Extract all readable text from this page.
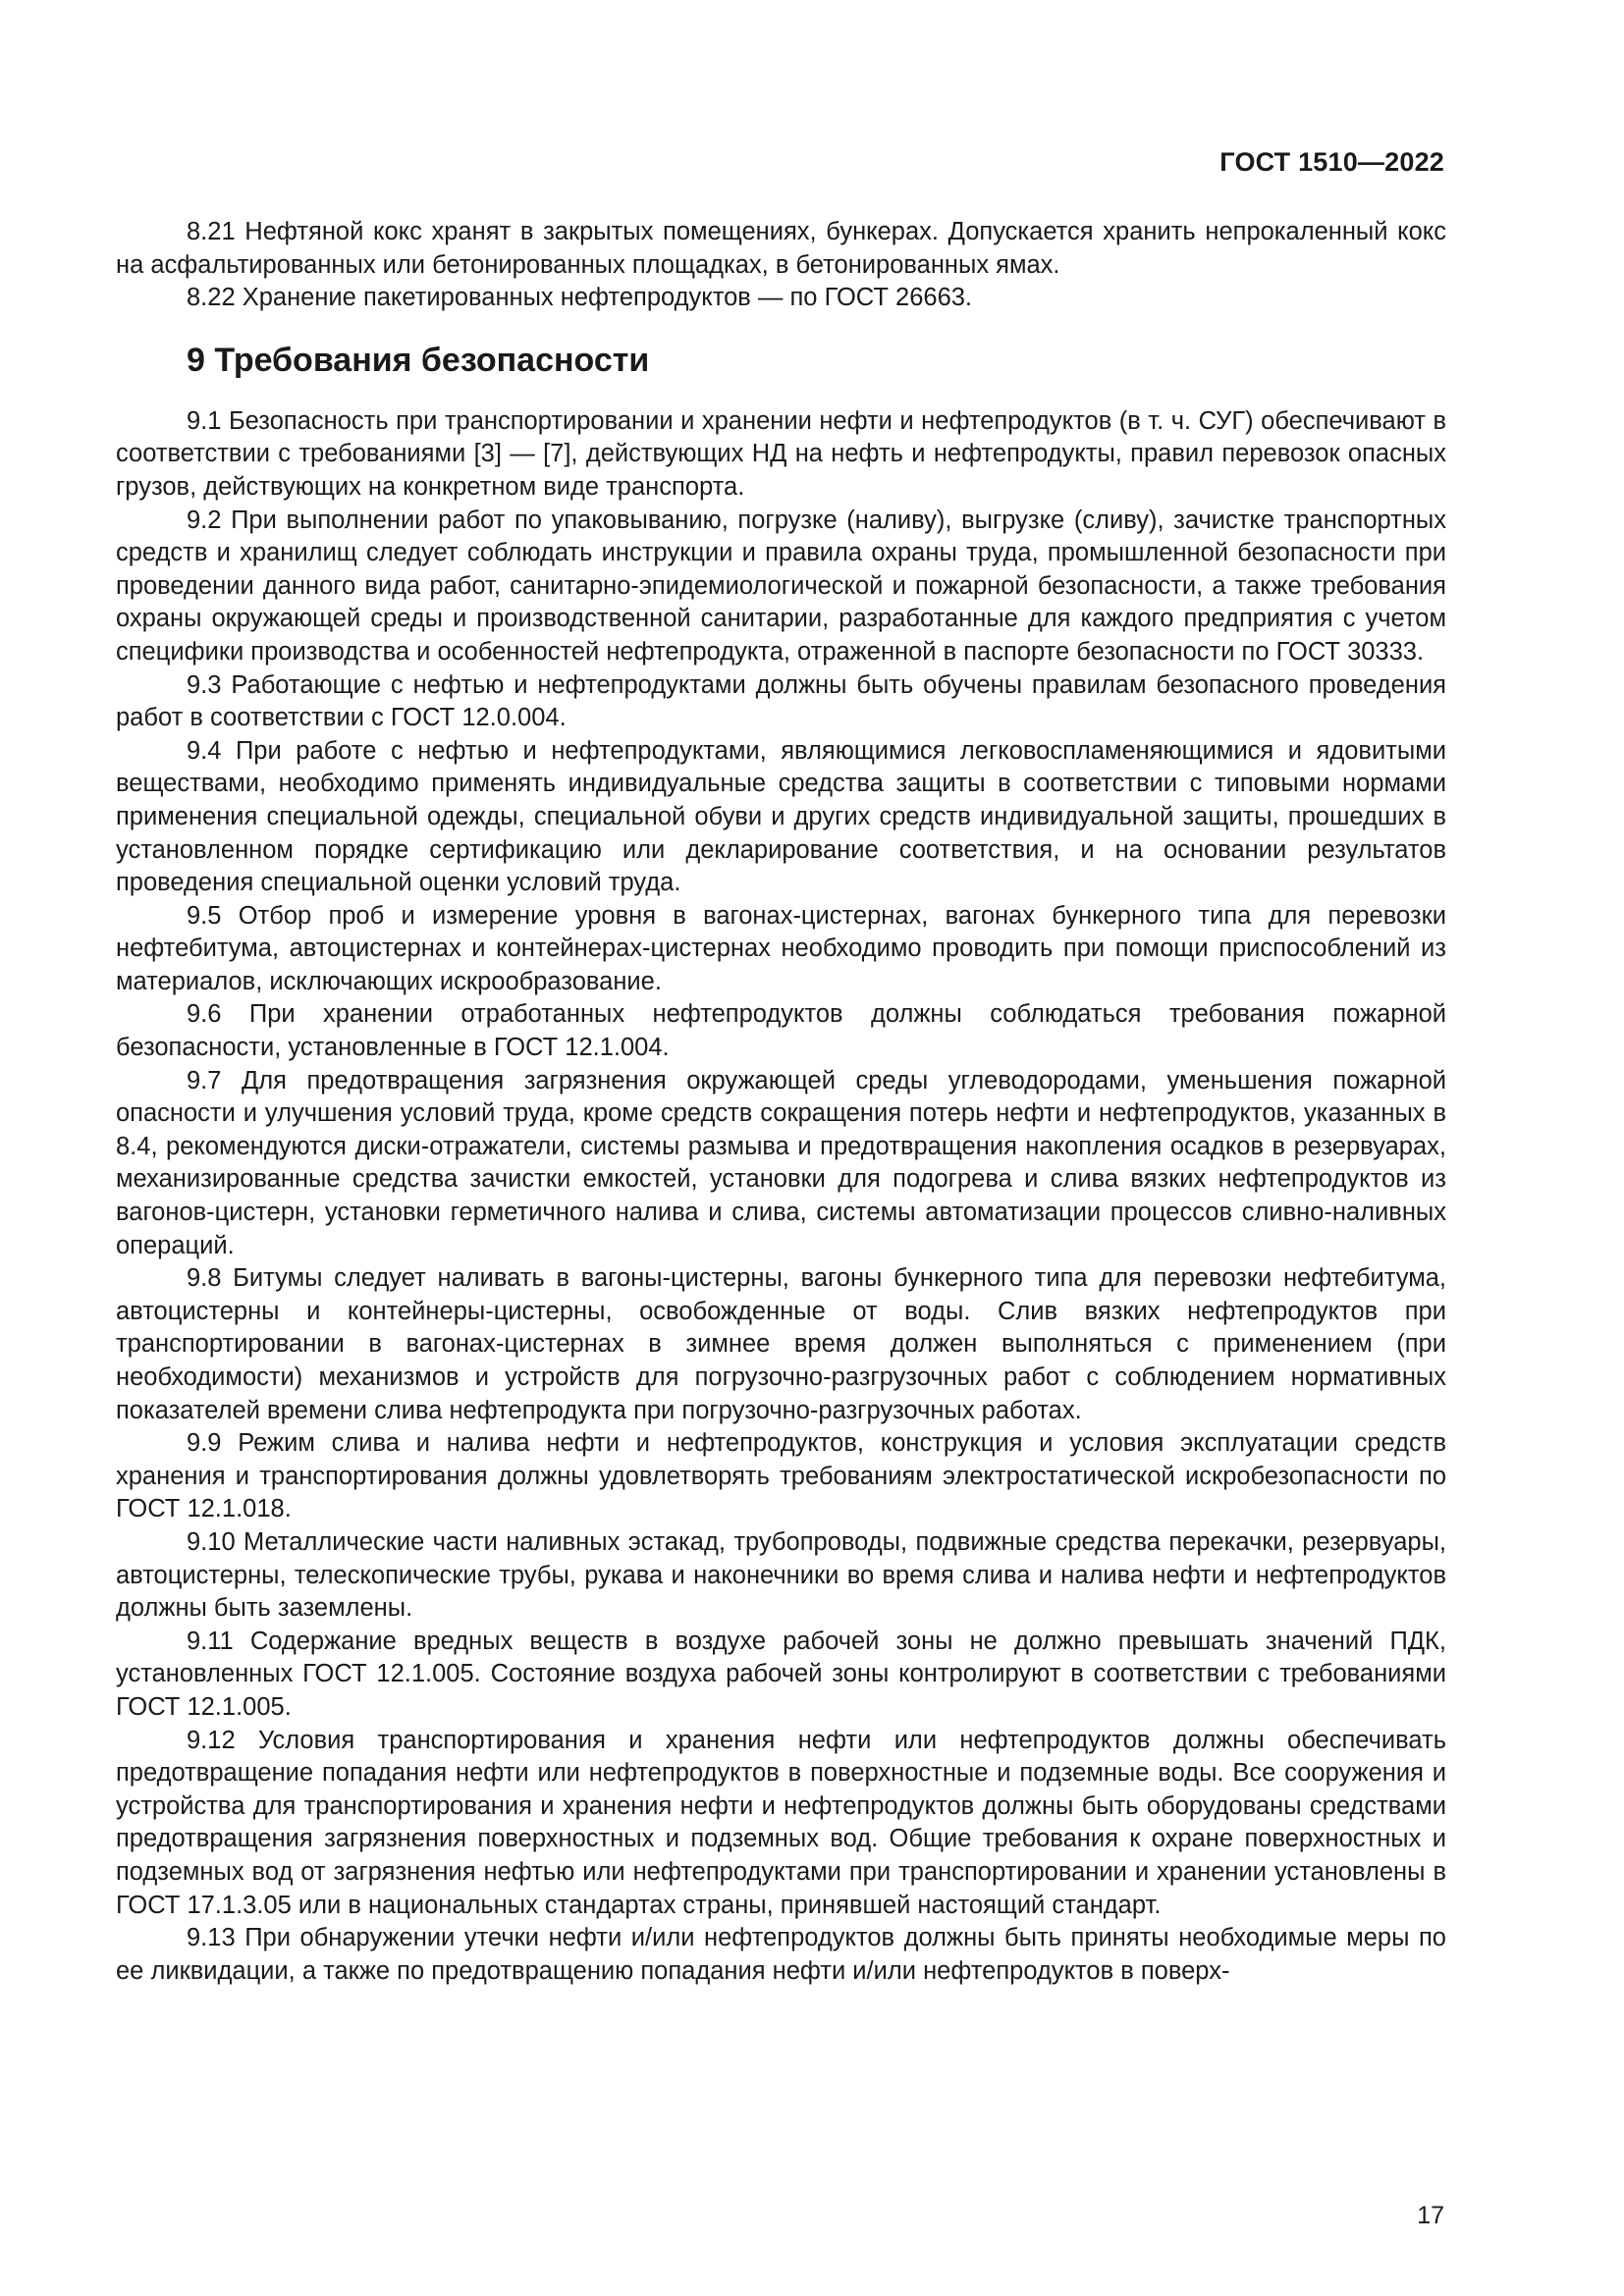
ГОСТ 1510—2022

8.21 Нефтяной кокс хранят в закрытых помещениях, бункерах. Допускается хранить непрокаленный кокс на асфальтированных или бетонированных площадках, в бетонированных ямах.

8.22 Хранение пакетированных нефтепродуктов — по ГОСТ 26663.

9 Требования безопасности

9.1 Безопасность при транспортировании и хранении нефти и нефтепродуктов (в т. ч. СУГ) обеспечивают в соответствии с требованиями [3] — [7], действующих НД на нефть и нефтепродукты, правил перевозок опасных грузов, действующих на конкретном виде транспорта.

9.2 При выполнении работ по упаковыванию, погрузке (наливу), выгрузке (сливу), зачистке транспортных средств и хранилищ следует соблюдать инструкции и правила охраны труда, промышленной безопасности при проведении данного вида работ, санитарно-эпидемиологической и пожарной безопасности, а также требования охраны окружающей среды и производственной санитарии, разработанные для каждого предприятия с учетом специфики производства и особенностей нефтепродукта, отраженной в паспорте безопасности по ГОСТ 30333.

9.3 Работающие с нефтью и нефтепродуктами должны быть обучены правилам безопасного проведения работ в соответствии с ГОСТ 12.0.004.

9.4 При работе с нефтью и нефтепродуктами, являющимися легковоспламеняющимися и ядовитыми веществами, необходимо применять индивидуальные средства защиты в соответствии с типовыми нормами применения специальной одежды, специальной обуви и других средств индивидуальной защиты, прошедших в установленном порядке сертификацию или декларирование соответствия, и на основании результатов проведения специальной оценки условий труда.

9.5 Отбор проб и измерение уровня в вагонах-цистернах, вагонах бункерного типа для перевозки нефтебитума, автоцистернах и контейнерах-цистернах необходимо проводить при помощи приспособлений из материалов, исключающих искрообразование.

9.6 При хранении отработанных нефтепродуктов должны соблюдаться требования пожарной безопасности, установленные в ГОСТ 12.1.004.

9.7 Для предотвращения загрязнения окружающей среды углеводородами, уменьшения пожарной опасности и улучшения условий труда, кроме средств сокращения потерь нефти и нефтепродуктов, указанных в 8.4, рекомендуются диски-отражатели, системы размыва и предотвращения накопления осадков в резервуарах, механизированные средства зачистки емкостей, установки для подогрева и слива вязких нефтепродуктов из вагонов-цистерн, установки герметичного налива и слива, системы автоматизации процессов сливно-наливных операций.

9.8 Битумы следует наливать в вагоны-цистерны, вагоны бункерного типа для перевозки нефтебитума, автоцистерны и контейнеры-цистерны, освобожденные от воды. Слив вязких нефтепродуктов при транспортировании в вагонах-цистернах в зимнее время должен выполняться с применением (при необходимости) механизмов и устройств для погрузочно-разгрузочных работ с соблюдением нормативных показателей времени слива нефтепродукта при погрузочно-разгрузочных работах.

9.9 Режим слива и налива нефти и нефтепродуктов, конструкция и условия эксплуатации средств хранения и транспортирования должны удовлетворять требованиям электростатической искробезопасности по ГОСТ 12.1.018.

9.10 Металлические части наливных эстакад, трубопроводы, подвижные средства перекачки, резервуары, автоцистерны, телескопические трубы, рукава и наконечники во время слива и налива нефти и нефтепродуктов должны быть заземлены.

9.11 Содержание вредных веществ в воздухе рабочей зоны не должно превышать значений ПДК, установленных ГОСТ 12.1.005. Состояние воздуха рабочей зоны контролируют в соответствии с требованиями ГОСТ 12.1.005.

9.12 Условия транспортирования и хранения нефти или нефтепродуктов должны обеспечивать предотвращение попадания нефти или нефтепродуктов в поверхностные и подземные воды. Все сооружения и устройства для транспортирования и хранения нефти и нефтепродуктов должны быть оборудованы средствами предотвращения загрязнения поверхностных и подземных вод. Общие требования к охране поверхностных и подземных вод от загрязнения нефтью или нефтепродуктами при транспортировании и хранении установлены в ГОСТ 17.1.3.05 или в национальных стандартах страны, принявшей настоящий стандарт.

9.13 При обнаружении утечки нефти и/или нефтепродуктов должны быть приняты необходимые меры по ее ликвидации, а также по предотвращению попадания нефти и/или нефтепродуктов в поверх-

17
